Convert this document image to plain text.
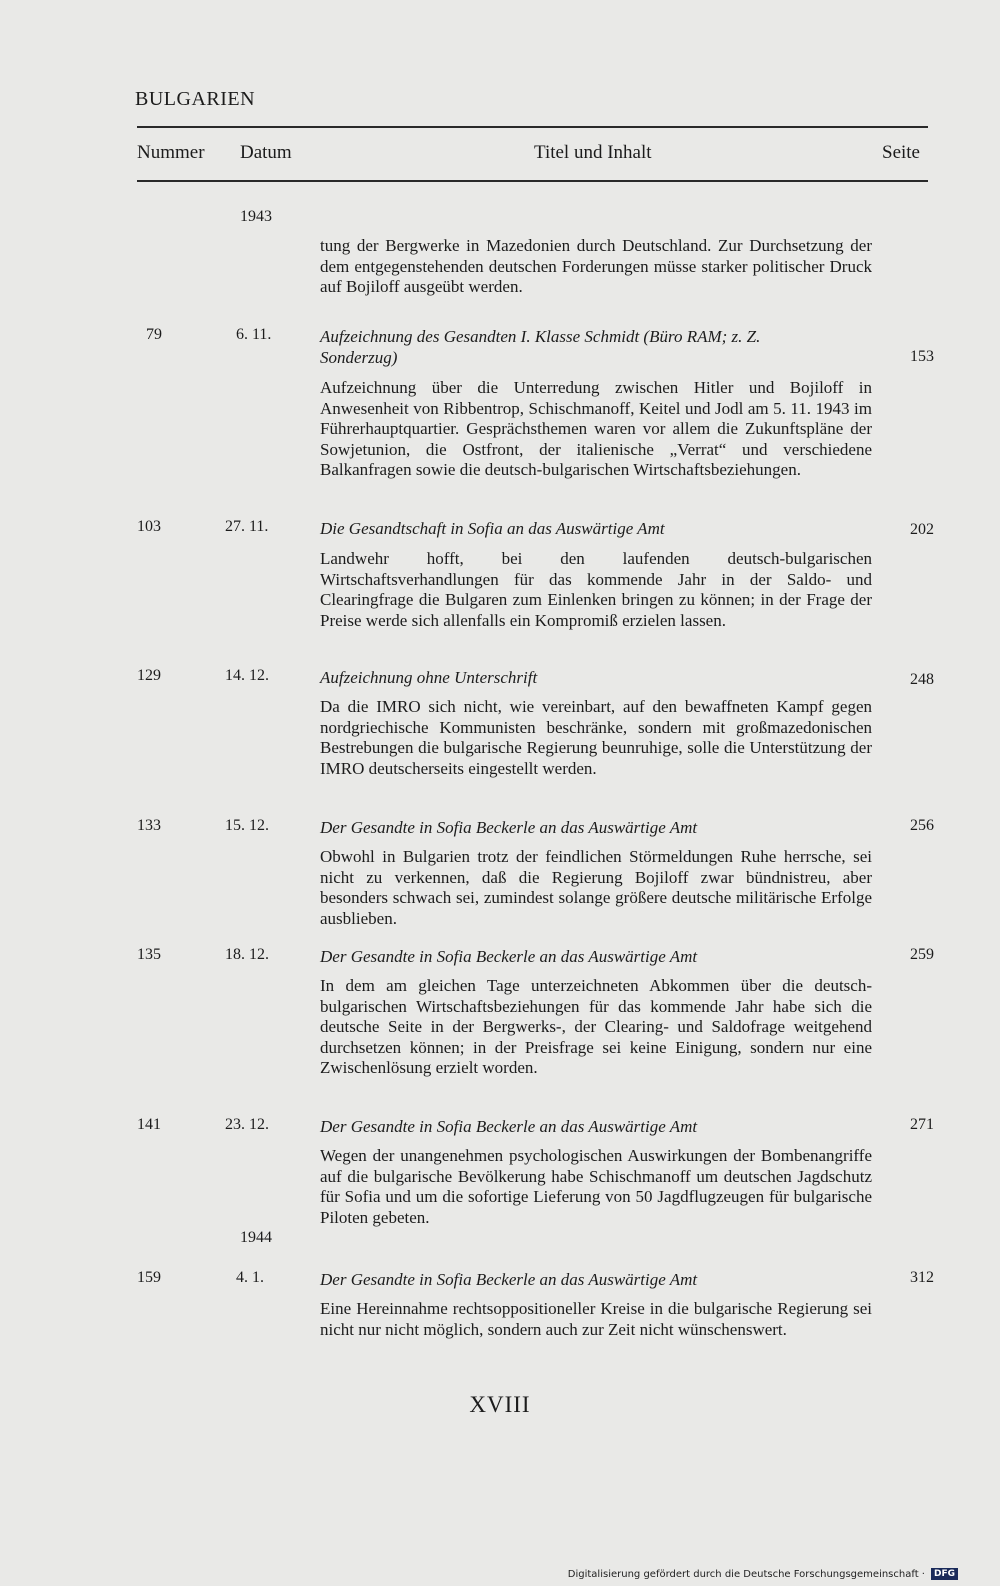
BULGARIEN
Nummer Datum	Titel und Inhalt	Seite
1943
tung der Bergwerke in Mazedonien durch Deutschland. Zur Durchsetzung der dem entgegenstehenden deutschen Forderungen müsse starker politischer Druck auf Bojiloff ausgeübt werden.
79	6. 11.	Aufzeichnung des Gesandten I. Klasse Schmidt (Büro RAM; z. Z. Sonderzug)	153
Aufzeichnung über die Unterredung zwischen Hitler und Bojiloff in Anwesenheit von Ribbentrop, Schischmanoff, Keitel und Jodl am 5. 11. 1943 im Führerhauptquartier. Gesprächsthemen waren vor allem die Zukunftspläne der Sowjetunion, die Ostfront, der italienische „Verrat“ und verschiedene Balkanfragen sowie die deutsch-bulgarischen Wirtschaftsbeziehungen.
103	27. 11.	Die Gesandtschaft in Sofia an das Auswärtige Amt	202
Landwehr hofft, bei den laufenden deutsch-bulgarischen Wirtschaftsverhandlungen für das kommende Jahr in der Saldo- und Clearingfrage die Bulgaren zum Einlenken bringen zu können; in der Frage der Preise werde sich allenfalls ein Kompromiß erzielen lassen.
129	14. 12.	Aufzeichnung ohne Unterschrift	248
Da die IMRO sich nicht, wie vereinbart, auf den bewaffneten Kampf gegen nordgriechische Kommunisten beschränke, sondern mit großmazedonischen Bestrebungen die bulgarische Regierung beunruhige, solle die Unterstützung der IMRO deutscherseits eingestellt werden.
133	15. 12.	Der Gesandte in Sofia Beckerle an das Auswärtige Amt	256
Obwohl in Bulgarien trotz der feindlichen Störmeldungen Ruhe herrsche, sei nicht zu verkennen, daß die Regierung Bojiloff zwar bündnistreu, aber besonders schwach sei, zumindest solange größere deutsche militärische Erfolge ausblieben.
135	18. 12.	Der Gesandte in Sofia Beckerle an das Auswärtige Amt	259
In dem am gleichen Tage unterzeichneten Abkommen über die deutsch-bulgarischen Wirtschaftsbeziehungen für das kommende Jahr habe sich die deutsche Seite in der Bergwerks-, der Clearing- und Saldofrage weitgehend durchsetzen können; in der Preisfrage sei keine Einigung, sondern nur eine Zwischenlösung erzielt worden.
141	23. 12.	Der Gesandte in Sofia Beckerle an das Auswärtige Amt	271
Wegen der unangenehmen psychologischen Auswirkungen der Bombenangriffe auf die bulgarische Bevölkerung habe Schischmanoff um deutschen Jagdschutz für Sofia und um die sofortige Lieferung von 50 Jagdflugzeugen für bulgarische Piloten gebeten.
1944
159	4. 1.	Der Gesandte in Sofia Beckerle an das Auswärtige Amt	312
Eine Hereinnahme rechtsoppositioneller Kreise in die bulgarische Regierung sei nicht nur nicht möglich, sondern auch zur Zeit nicht wünschenswert.
XVIII
Digitalisierung gefördert durch die Deutsche Forschungsgemeinschaft ·	DFG
